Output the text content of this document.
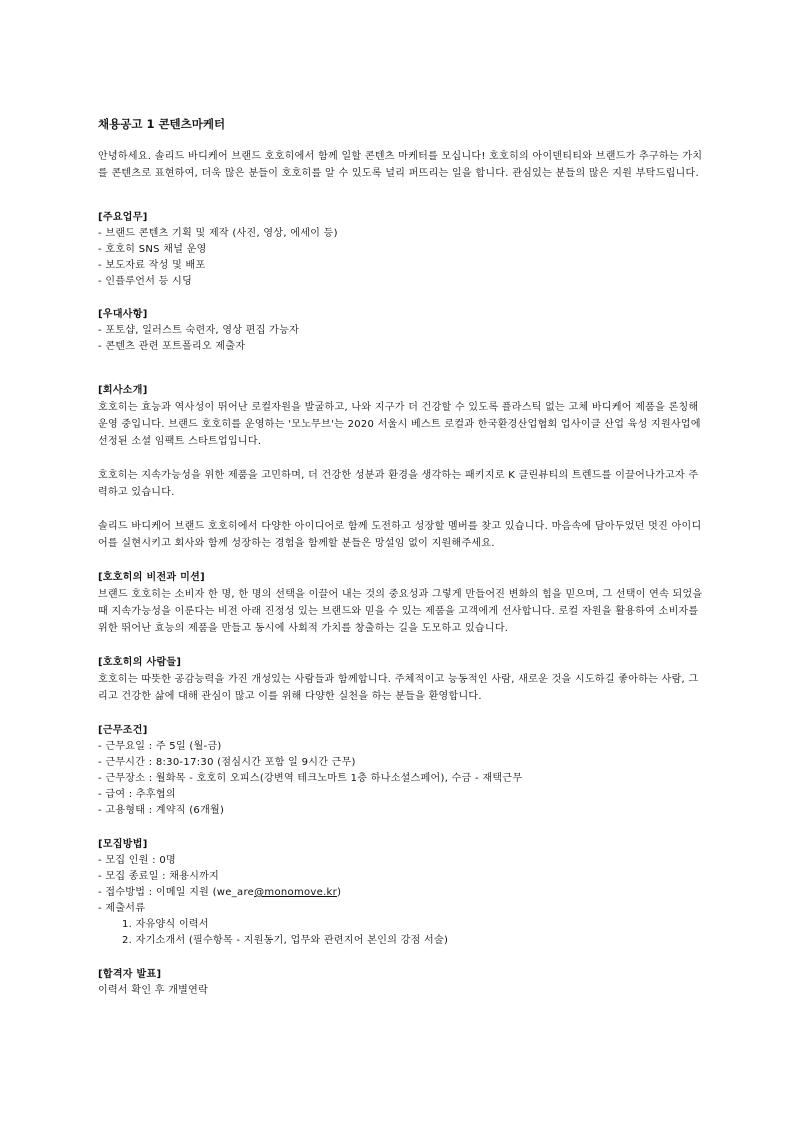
채용공고 1 콘텐츠마케터

안녕하세요. 솔리드 바디케어 브랜드 호호히에서 함께 일할 콘텐츠 마케터를 모십니다! 호호히의 아이덴티티와 브랜드가 추구하는 가치를 콘텐츠로 표현하여, 더욱 많은 분들이 호호히를 알 수 있도록 널리 퍼뜨리는 일을 합니다. 관심있는 분들의 많은 지원 부탁드립니다.

[주요업무]
- 브랜드 콘텐츠 기획 및 제작 (사진, 영상, 에세이 등)
- 호호히 SNS 채널 운영
- 보도자료 작성 및 배포
- 인플루언서 등 시딩
[우대사항]
- 포토샵, 일러스트 숙련자, 영상 편집 가능자
- 콘텐츠 관련 포트폴리오 제출자
[회사소개]

호호히는 효능과 역사성이 뛰어난 로컬자원을 발굴하고, 나와 지구가 더 건강할 수 있도록 플라스틱 없는 고체 바디케어 제품을 론칭해 운영 중입니다. 브랜드 호호히를 운영하는 '모노무브'는 2020 서울시 베스트 로컬과 한국환경산업협회 업사이클 산업 육성 지원사업에 선정된 소셜 임팩트 스타트업입니다.

호호히는 지속가능성을 위한 제품을 고민하며, 더 건강한 성분과 환경을 생각하는 패키지로 K 클린뷰티의 트렌드를 이끌어나가고자 주력하고 있습니다.

솔리드 바디케어 브랜드 호호히에서 다양한 아이디어로 함께 도전하고 성장할 멤버를 찾고 있습니다. 마음속에 담아두었던 멋진 아이디어를 실현시키고 회사와 함께 성장하는 경험을 함께할 분들은 망설임 없이 지원해주세요.

[호호히의 비전과 미션]

브랜드 호호히는 소비자 한 명, 한 명의 선택을 이끌어 내는 것의 중요성과 그렇게 만들어진 변화의 힘을 믿으며, 그 선택이 연속 되었을 때 지속가능성을 이룬다는 비전 아래 진정성 있는 브랜드와 믿을 수 있는 제품을 고객에게 선사합니다. 로컬 자원을 활용하여 소비자를 위한 뛰어난 효능의 제품을 만들고 동시에 사회적 가치를 창출하는 길을 도모하고 있습니다.

[호호히의 사람들]

호호히는 따뜻한 공감능력을 가진 개성있는 사람들과 함께합니다. 주체적이고 능동적인 사람, 새로운 것을 시도하길 좋아하는 사람, 그리고 건강한 삶에 대해 관심이 많고 이를 위해 다양한 실천을 하는 분들을 환영합니다.

[근무조건]
- 근무요일 : 주 5일 (월-금)
- 근무시간 : 8:30-17:30 (점심시간 포함 일 9시간 근무)
- 근무장소 : 월화목 - 호호히 오피스(강변역 테크노마트 1층 하나소셜스페어), 수금 - 재택근무
- 급여 : 추후협의
- 고용형태 : 계약직 (6개월)
[모집방법]
- 모집 인원 : 0명
- 모집 종료일 : 채용시까지
- 접수방법 : 이메일 지원 (we_are@monomove.kr)
- 제출서류
1. 자유양식 이력서
2. 자기소개서 (필수항목 - 지원동기, 업무와 관련지어 본인의 강점 서술)
[합격자 발표]
이력서 확인 후 개별연락
